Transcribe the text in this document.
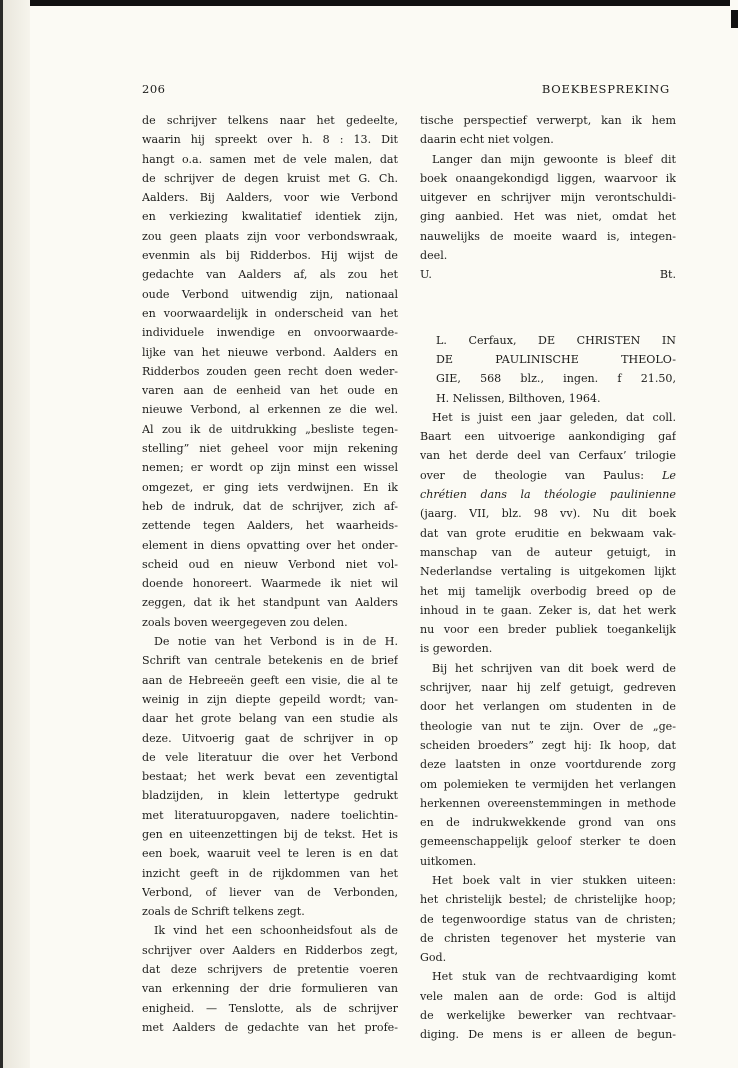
206	BOEKBESPREKING
de schrijver telkens naar het gedeelte,
waarin hij spreekt over h. 8 : 13. Dit
hangt o.a. samen met de vele malen, dat
de schrijver de degen kruist met G. Ch.
Aalders. Bij Aalders, voor wie Verbond
en verkiezing kwalitatief identiek zijn,
zou geen plaats zijn voor verbondswraak,
evenmin als bij Ridderbos. Hij wijst de
gedachte van Aalders af, als zou het
oude Verbond uitwendig zijn, nationaal
en voorwaardelijk in onderscheid van het
individuele inwendige en onvoorwaarde-
lijke van het nieuwe verbond. Aalders en
Ridderbos zouden geen recht doen weder-
varen aan de eenheid van het oude en
nieuwe Verbond, al erkennen ze die wel.
Al zou ik de uitdrukking „besliste tegen-
stelling” niet geheel voor mijn rekening
nemen; er wordt op zijn minst een wissel
omgezet, er ging iets verdwijnen. En ik
heb de indruk, dat de schrijver, zich af-
zettende tegen Aalders, het waarheids-
element in diens opvatting over het onder-
scheid oud en nieuw Verbond niet vol-
doende honoreert. Waarmede ik niet wil
zeggen, dat ik het standpunt van Aalders
zoals boven weergegeven zou delen.
De notie van het Verbond is in de H.
Schrift van centrale betekenis en de brief
aan de Hebreeën geeft een visie, die al te
weinig in zijn diepte gepeild wordt; van-
daar het grote belang van een studie als
deze. Uitvoerig gaat de schrijver in op
de vele literatuur die over het Verbond
bestaat; het werk bevat een zeventigtal
bladzijden, in klein lettertype gedrukt
met literatuuropgaven, nadere toelichtin-
gen en uiteenzettingen bij de tekst. Het is
een boek, waaruit veel te leren is en dat
inzicht geeft in de rijkdommen van het
Verbond, of liever van de Verbonden,
zoals de Schrift telkens zegt.
Ik vind het een schoonheidsfout als de
schrijver over Aalders en Ridderbos zegt,
dat deze schrijvers de pretentie voeren
van erkenning der drie formulieren van
enigheid. — Tenslotte, als de schrijver
met Aalders de gedachte van het profe-
tische perspectief verwerpt, kan ik hem
daarin echt niet volgen.
Langer dan mijn gewoonte is bleef dit
boek onaangekondigd liggen, waarvoor ik
uitgever en schrijver mijn verontschuldi-
ging aanbied. Het was niet, omdat het
nauwelijks de moeite waard is, integen-
deel.
U.	Bt.
L. Cerfaux, DE CHRISTEN IN
DE PAULINISCHE THEOLO-
GIE, 568 blz., ingen. f 21.50,
H. Nelissen, Bilthoven, 1964.
Het is juist een jaar geleden, dat coll.
Baart een uitvoerige aankondiging gaf
van het derde deel van Cerfaux’ trilogie
over de theologie van Paulus: Le
chrétien dans la théologie paulinienne
(jaarg. VII, blz. 98 vv). Nu dit boek
dat van grote eruditie en bekwaam vak-
manschap van de auteur getuigt, in
Nederlandse vertaling is uitgekomen lijkt
het mij tamelijk overbodig breed op de
inhoud in te gaan. Zeker is, dat het werk
nu voor een breder publiek toegankelijk
is geworden.
Bij het schrijven van dit boek werd de
schrijver, naar hij zelf getuigt, gedreven
door het verlangen om studenten in de
theologie van nut te zijn. Over de „ge-
scheiden broeders” zegt hij: Ik hoop, dat
deze laatsten in onze voortdurende zorg
om polemieken te vermijden het verlangen
herkennen overeenstemmingen in methode
en de indrukwekkende grond van ons
gemeenschappelijk geloof sterker te doen
uitkomen.
Het boek valt in vier stukken uiteen:
het christelijk bestel; de christelijke hoop;
de tegenwoordige status van de christen;
de christen tegenover het mysterie van
God.
Het stuk van de rechtvaardiging komt
vele malen aan de orde: God is altijd
de werkelijke bewerker van rechtvaar-
diging. De mens is er alleen de begun-
